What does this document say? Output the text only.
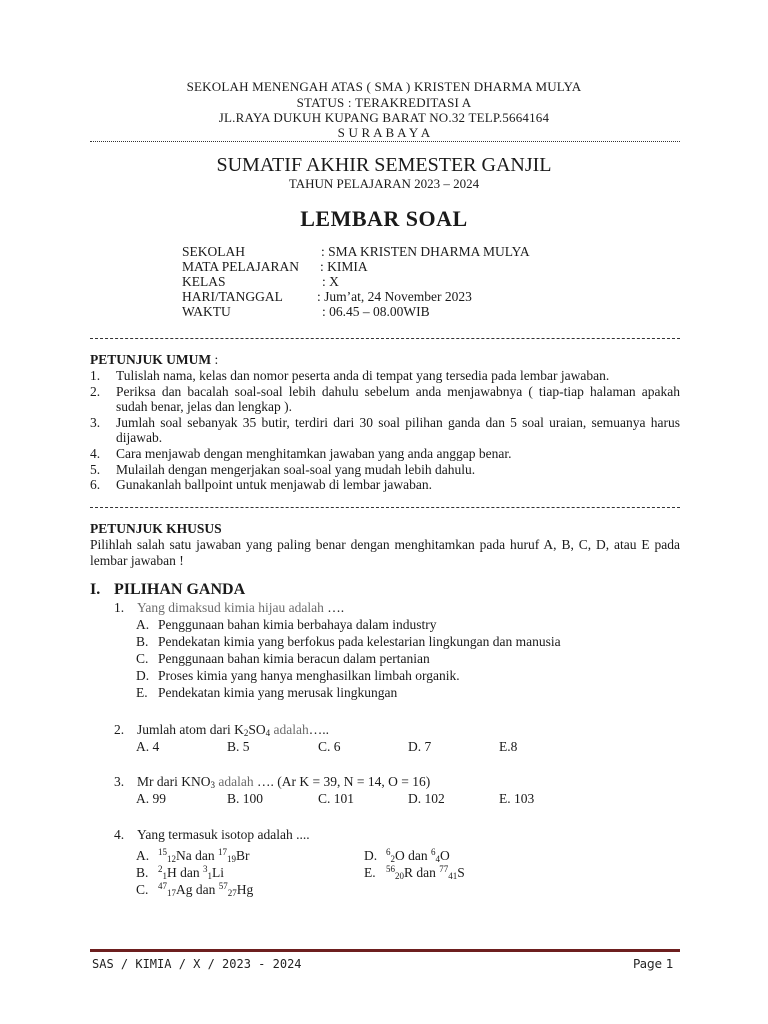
SEKOLAH MENENGAH ATAS ( SMA ) KRISTEN DHARMA MULYA
STATUS : TERAKREDITASI A
JL.RAYA DUKUH KUPANG BARAT NO.32 TELP.5664164
S U R A B A Y A
SUMATIF AKHIR SEMESTER GANJIL
TAHUN PELAJARAN 2023 – 2024
LEMBAR SOAL
SEKOLAH	: SMA KRISTEN DHARMA MULYA
MATA PELAJARAN : KIMIA
KELAS	: X
HARI/TANGGAL	: Jum’at, 24 November 2023
WAKTU	: 06.45 – 08.00WIB
PETUNJUK UMUM :
1. Tulislah nama, kelas dan nomor peserta anda di tempat yang tersedia pada lembar jawaban.
2. Periksa dan bacalah soal-soal lebih dahulu sebelum anda menjawabnya ( tiap-tiap halaman apakah sudah benar, jelas dan lengkap ).
3. Jumlah soal sebanyak 35 butir, terdiri dari 30 soal pilihan ganda dan 5 soal uraian, semuanya harus dijawab.
4. Cara menjawab dengan menghitamkan jawaban yang anda anggap benar.
5. Mulailah dengan mengerjakan soal-soal yang mudah lebih dahulu.
6. Gunakanlah ballpoint untuk menjawab di lembar jawaban.
PETUNJUK KHUSUS
Pilihlah salah satu jawaban yang paling benar dengan menghitamkan pada huruf A, B, C, D, atau E pada lembar jawaban !
I. PILIHAN GANDA
1. Yang dimaksud kimia hijau adalah ….
A. Penggunaan bahan kimia berbahaya dalam industry
B. Pendekatan kimia yang berfokus pada kelestarian lingkungan dan manusia
C. Penggunaan bahan kimia beracun dalam pertanian
D. Proses kimia yang hanya menghasilkan limbah organik.
E. Pendekatan kimia yang merusak lingkungan
2. Jumlah atom dari $K_2SO_4$ adalah…..
A. 4	B. 5	C. 6	D. 7	E.8
3. Mr dari $KNO_3$ adalah …. (Ar K = 39, N = 14, O = 16)
A. 99	B. 100	C. 101	D. 102	E. 103
4. Yang termasuk isotop adalah ....
A. $^{15}_{12}$Na dan $^{17}_{19}$Br
B. $^2_1$H dan $^3_1$Li
C. $^{47}_{17}$Ag dan $^{57}_{27}$Hg
D. $^6_2$O dan $^6_4$O
E. $^{56}_{20}$R dan $^{77}_{41}$S
SAS / KIMIA / X / 2023 - 2024	Page 1
